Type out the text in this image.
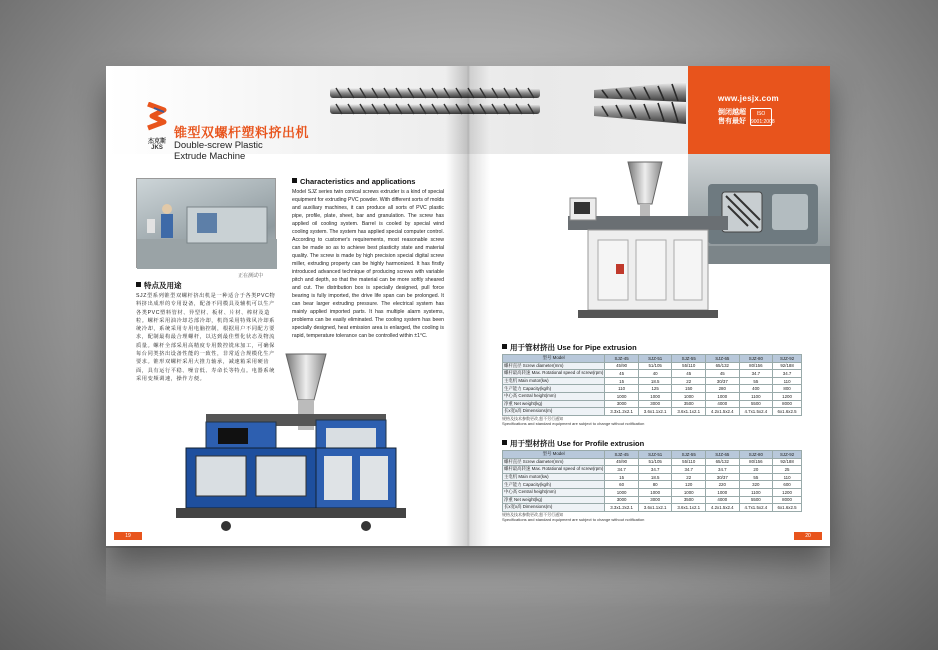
www.jesjx.com
倒闭越超
售有最好
ISO 9001:2008
杰克斯
JKS
锥型双螺杆塑料挤出机
Double-screw Plastic
Extrude Machine
正在测试中
特点及用途
SJZ型系列锥型双螺杆挤出机是一种适合于各类PVC物料挤出成形的专用设备，配备不同模具及辅机可以生产各类PVC塑料管材、异型材、板材、片材、棒材及造粒。螺杆采用油冷却芯部冷却，机筒采用特殊风冷却系统冷却，系统采用专用电脑控制，根据用户不同配方要求，配制最构最合理螺杆，以达到最佳塑化状态及物流质量。螺杆全部采用高精度专用数控铣床加工，可确保每台同类挤出设备性能的一致性，非常适合规模化生产要求。锥形双螺杆采用大推力轴承，减速箱采用硬齿面，具有运行平稳、噪音低、寿命长等特点。电器系统采用变频调速，操作方便。
Characteristics and applications
Model SJZ series twin conical screws extruder is a kind of special equipment for extruding PVC powder. With different sorts of molds and auxiliary machines, it can produce all sorts of PVC plastic pipe, profile, plate, sheet, bar and granulation. The screw has applied oil cooling system. Barrel is cooled by special wind cooling system. The system has applied special computer control. According to customer's requirements, most reasonable screw can be made so as to achieve best plasticity state and material quality. The screw is made by high precision special digital screw miller, extruding property can be highly harmonized. It has firstly introduced advanced technique of producing screws with variable pitch and depth, so that the material can be more softly sheared and cut. The distribution box is specially designed, pull force bearing is fully imported, the drive life span can be prolonged. It can bear larger extruding pressure. The electrical system has mainly applied imported parts. It has multiple alarm systems, problems can be easily eliminated. The cooling system has been specially designed, heat emission area is enlarged, the cooling is rapid, temperature tolerance can be controlled within ±1°C.
19
用于管材挤出 Use for Pipe extrusion
型号 Model	SJZ-45	SJZ-51	SJZ-55	SJZ-65	SJZ-80	SJZ-92
螺杆直径 Screw diameter(mm)	45/90	51/105	55/110	65/132	80/156	92/188
螺杆最高转速 Max. Rotational speed of screw(rpm)	45	40	45	45	34.7	34.7
主电机 Main motor(kw)	15	18.5	22	30/37	55	110
生产能力 Capacity(kg/h)	110	125	150	280	400	800
中心高 Central height(mm)	1000	1000	1000	1000	1100	1200
净重 Net weight(kg)	3000	3000	3500	4000	5500	8000
长x宽x高 Dimensions(m)	3.3x1.2x2.1	3.6x1.1x2.1	3.6x1.1x2.1	4.2x1.5x2.4	4.7x1.5x2.4	6x1.6x2.5
规格及技术参数更改,恕不另行通知
Specifications and standard equipment are subject to change without notification
用于型材挤出 Use for Profile extrusion
型号 Model	SJZ-45	SJZ-51	SJZ-55	SJZ-65	SJZ-80	SJZ-92
螺杆直径 Screw diameter(mm)	45/90	51/105	55/110	65/132	80/156	92/188
螺杆最高转速 Max. Rotational speed of screw(rpm)	34.7	34.7	34.7	34.7	20	25
主电机 Main motor(kw)	15	18.5	22	30/37	55	110
生产能力 Capacity(kg/h)	60	80	120	220	320	600
中心高 Central height(mm)	1000	1000	1000	1000	1100	1200
净重 Net weight(kg)	3000	3000	3500	4000	5500	8000
长x宽x高 Dimensions(m)	3.3x1.2x2.1	3.6x1.1x2.1	3.6x1.1x2.1	4.2x1.5x2.4	4.7x1.5x2.4	6x1.6x2.5
规格及技术参数更改,恕不另行通知
Specifications and standard equipment are subject to change without notification
20
